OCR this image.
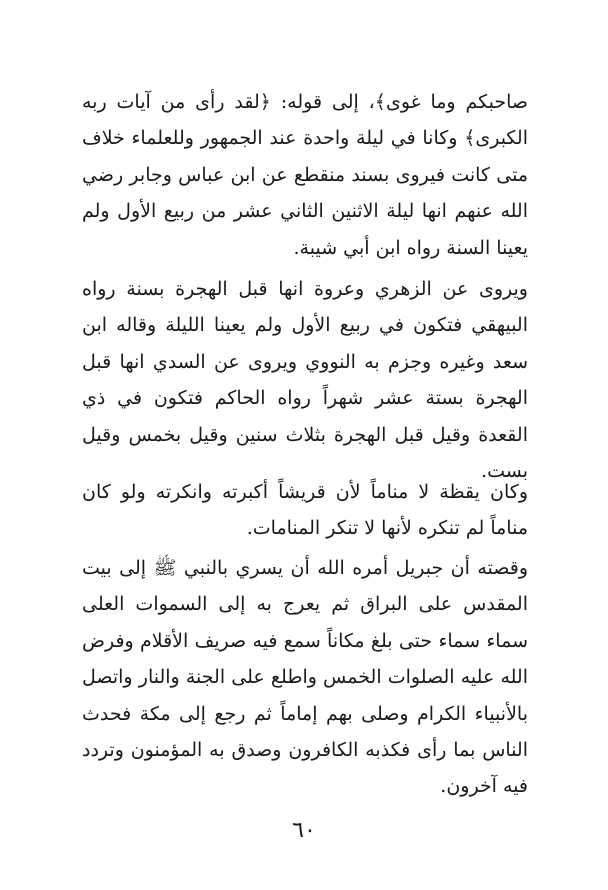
صاحبكم وما غوى﴾، إلى قوله: ﴿لقد رأى من آيات ربه الكبرى﴾ وكانا في ليلة واحدة عند الجمهور وللعلماء خلاف متى كانت فيروى بسند منقطع عن ابن عباس وجابر رضي الله عنهم انها ليلة الاثنين الثاني عشر من ربيع الأول ولم يعينا السنة رواه ابن أبي شيبة.

ويروى عن الزهري وعروة انها قبل الهجرة بسنة رواه البيهقي فتكون في ربيع الأول ولم يعينا الليلة وقاله ابن سعد وغيره وجزم به النووي ويروى عن السدي انها قبل الهجرة بستة عشر شهراً رواه الحاكم فتكون في ذي القعدة وقيل قبل الهجرة بثلاث سنين وقيل بخمس وقيل بست.

وكان يقظة لا مناماً لأن قريشاً أكبرته وانكرته ولو كان مناماً لم تنكره لأنها لا تنكر المنامات.

وقصته أن جبريل أمره الله أن يسري بالنبي ﷺ إلى بيت المقدس على البراق ثم يعرج به إلى السموات العلى سماء سماء حتى بلغ مكاناً سمع فيه صريف الأقلام وفرض الله عليه الصلوات الخمس واطلع على الجنة والنار واتصل بالأنبياء الكرام وصلى بهم إماماً ثم رجع إلى مكة فحدث الناس بما رأى فكذبه الكافرون وصدق به المؤمنون وتردد فيه آخرون.

٦٠
